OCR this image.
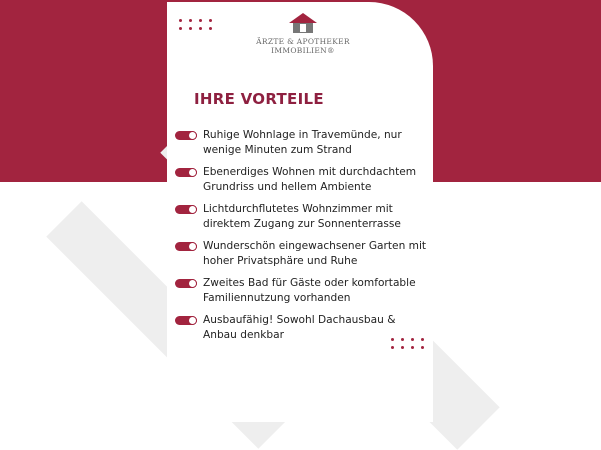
ÄRZTE & APOTHEKER
IMMOBILIEN®
IHRE VORTEILE
Ruhige Wohnlage in Travemünde, nur
wenige Minuten zum Strand
Ebenerdiges Wohnen mit durchdachtem
Grundriss und hellem Ambiente
Lichtdurchflutetes Wohnzimmer mit
direktem Zugang zur Sonnenterrasse
Wunderschön eingewachsener Garten mit
hoher Privatsphäre und Ruhe
Zweites Bad für Gäste oder komfortable
Familiennutzung vorhanden
Ausbaufähig! Sowohl Dachausbau &
Anbau denkbar
